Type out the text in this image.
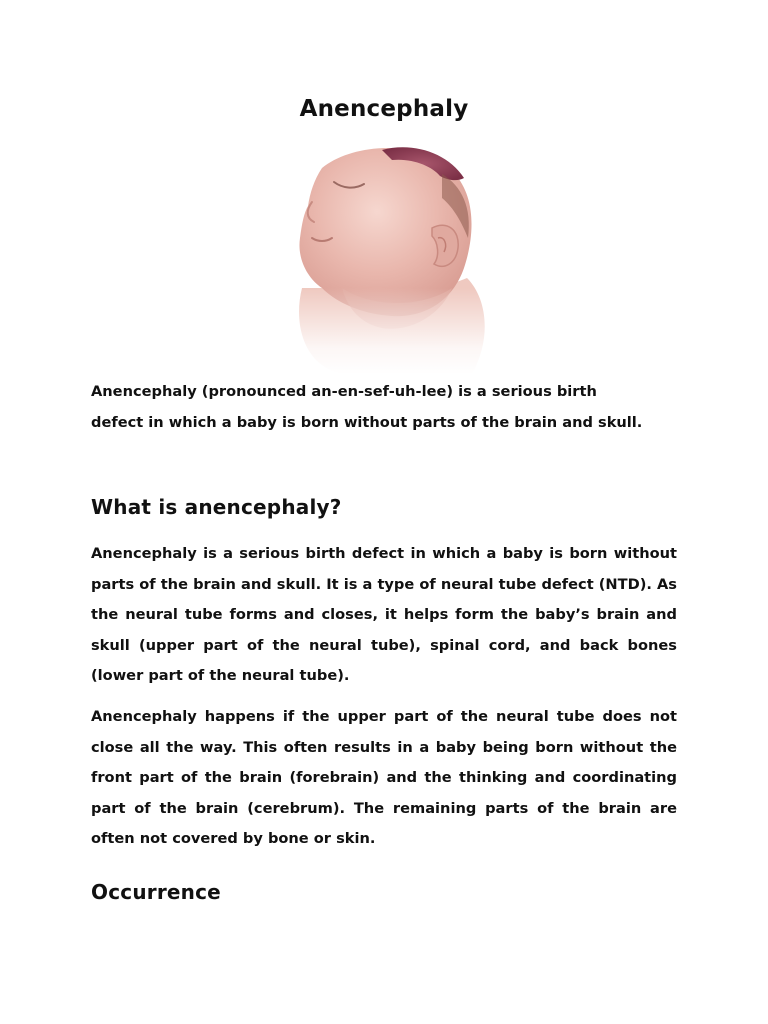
Anencephaly

Anencephaly (pronounced an-en-sef-uh-lee) is a serious birth defect in which a baby is born without parts of the brain and skull.

What is anencephaly?

Anencephaly is a serious birth defect in which a baby is born without parts of the brain and skull. It is a type of neural tube defect (NTD). As the neural tube forms and closes, it helps form the baby’s brain and skull (upper part of the neural tube), spinal cord, and back bones (lower part of the neural tube).

Anencephaly happens if the upper part of the neural tube does not close all the way. This often results in a baby being born without the front part of the brain (forebrain) and the thinking and coordinating part of the brain (cerebrum). The remaining parts of the brain are often not covered by bone or skin.

Occurrence
